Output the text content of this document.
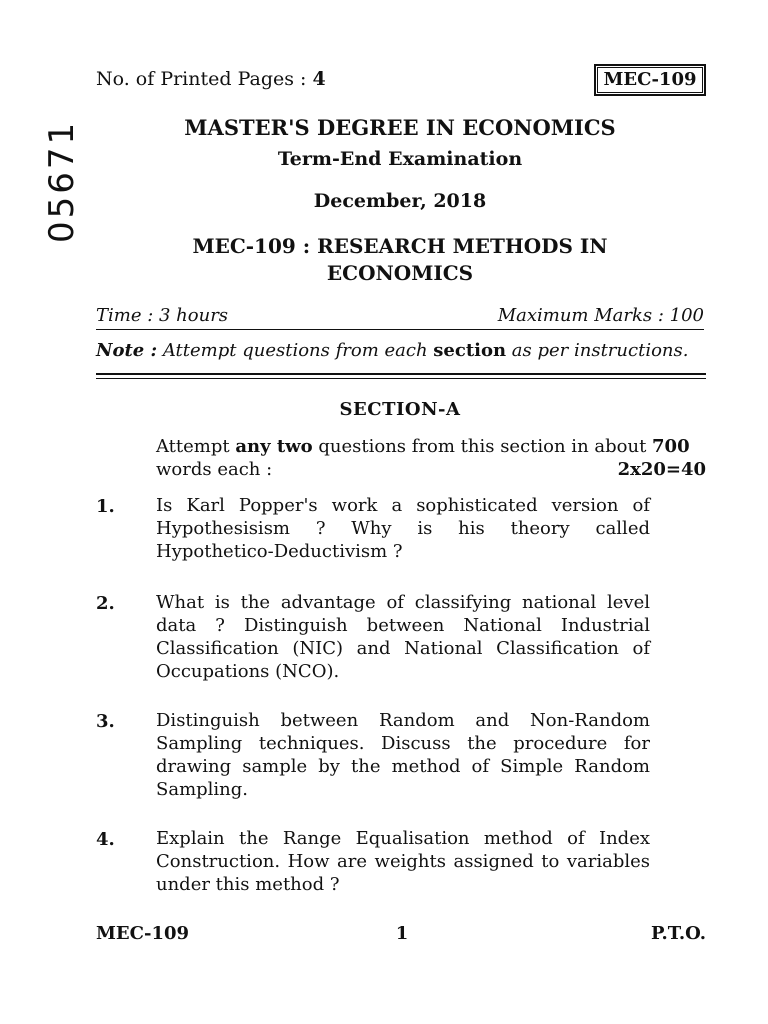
No. of Printed Pages : 4	MEC-109
05671	MASTER'S DEGREE IN ECONOMICS
Term-End Examination
December, 2018
MEC-109 : RESEARCH METHODS IN
ECONOMICS
Time : 3 hours	Maximum Marks : 100
Note : Attempt questions from each section as per instructions.
SECTION-A
Attempt any two questions from this section in about 700 words each :	2x20=40
1. Is Karl Popper's work a sophisticated version of Hypothesisism ? Why is his theory called Hypothetico-Deductivism ?
2. What is the advantage of classifying national level data ? Distinguish between National Industrial Classification (NIC) and National Classification of Occupations (NCO).
3. Distinguish between Random and Non-Random Sampling techniques. Discuss the procedure for drawing sample by the method of Simple Random Sampling.
4. Explain the Range Equalisation method of Index Construction. How are weights assigned to variables under this method ?
MEC-109	1	P.T.O.
